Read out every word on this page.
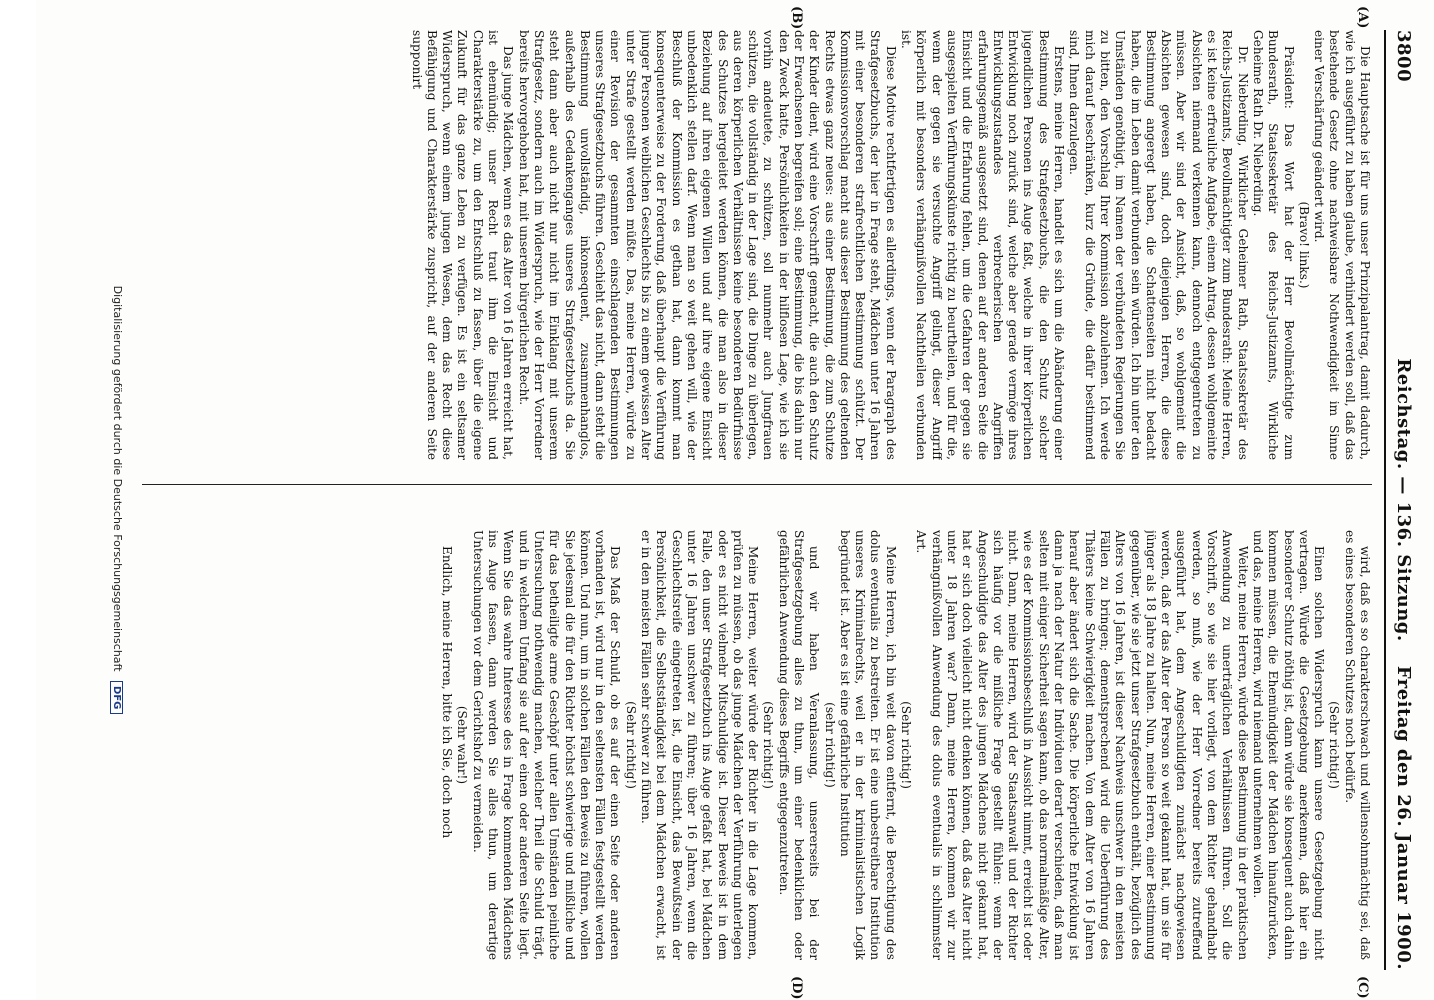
3800
Reichstag. — 136. Sitzung.
Freitag den 26. Januar 1900.
(A)
(B)
(C)
(D)

Die Hauptsache ist für uns unser Prinzipalantrag, damit dadurch, wie ich ausgeführt zu haben glaube, verhindert werden soll, daß das bestehende Gesetz ohne nachweisbare Nothwendigkeit im Sinne einer Verschärfung geändert wird.

(Bravo! links.)

Präsident: Das Wort hat der Herr Bevollmächtigte zum Bundesrath, Staatssekretär des Reichs-Justizamts, Wirkliche Geheime Rath Dr. Nieberding.

Dr. Nieberding, Wirklicher Geheimer Rath, Staatssekretär des Reichs-Justizamts, Bevollmächtigter zum Bundesrath: Meine Herren, es ist keine erfreuliche Aufgabe, einem Antrag, dessen wohlgemeinte Absichten niemand verkennen kann, dennoch entgegentreten zu müssen. Aber wir sind der Ansicht, daß, so wohlgemeint die Absichten gewesen sind, doch diejenigen Herren, die diese Bestimmung angeregt haben, die Schattenseiten nicht bedacht haben, die im Leben damit verbunden sein würden. Ich bin unter den Umständen genöthigt, im Namen der verbündeten Regierungen Sie zu bitten, den Vorschlag Ihrer Kommission abzulehnen. Ich werde mich darauf beschränken, kurz die Gründe, die dafür bestimmend sind, Ihnen darzulegen.

Erstens, meine Herren, handelt es sich um die Abänderung einer Bestimmung des Strafgesetzbuchs, die den Schutz solcher jugendlichen Personen ins Auge faßt, welche in ihrer körperlichen Entwicklung noch zurück sind, welche aber gerade vermöge ihres Entwicklungszustandes verbrecherischen Angriffen erfahrungsgemäß ausgesetzt sind, denen auf der anderen Seite die Einsicht und die Erfahrung fehlen, um die Gefahren der gegen sie ausgespielten Verführungskünste richtig zu beurtheilen, und für die, wenn der gegen sie versuchte Angriff gelingt, dieser Angriff körperlich mit besonders verhängnißvollen Nachtheilen verbunden ist.

Diese Motive rechtfertigen es allerdings, wenn der Paragraph des Strafgesetzbuchs, der hier in Frage steht, Mädchen unter 16 Jahren mit einer besonderen strafrechtlichen Bestimmung schützt. Der Kommissionsvorschlag macht aus dieser Bestimmung des geltenden Rechts etwas ganz neues: aus einer Bestimmung, die zum Schutze der Kinder dient, wird eine Vorschrift gemacht, die auch den Schutz der Erwachsenen begreifen soll; eine Bestimmung, die bis dahin nur den Zweck hatte, Persönlichkeiten in der hilflosen Lage, wie ich sie vorhin andeutete, zu schützen, soll nunmehr auch Jungfrauen schützen, die vollständig in der Lage sind, die Dinge zu überlegen, aus deren körperlichen Verhältnissen keine besonderen Bedürfnisse des Schutzes hergeleitet werden können, die man also in dieser Beziehung auf ihren eigenen Willen und auf ihre eigene Einsicht unbedenklich stellen darf. Wenn man so weit gehen will, wie der Beschluß der Kommission es gethan hat, dann kommt man konsequenterweise zu der Forderung, daß überhaupt die Verführung junger Personen weiblichen Geschlechts bis zu einem gewissen Alter unter Strafe gestellt werden müßte. Das, meine Herren, würde zu einer Revision der gesammten einschlagenden Bestimmungen unseres Strafgesetzbuchs führen. Geschieht das nicht, dann steht die Bestimmung unvollständig, inkonsequent, zusammenhanglos, außerhalb des Gedankenganges unseres Strafgesetzbuchs da. Sie steht dann aber auch nicht nur nicht im Einklang mit unserem Strafgesetz, sondern auch im Widerspruch, wie der Herr Vorredner bereits hervorgehoben hat, mit unserem bürgerlichen Recht.

Das junge Mädchen, wenn es das Alter von 16 Jahren erreicht hat, ist ehemündig; unser Recht traut ihm die Einsicht und Charakterstärke zu, um den Entschluß zu fassen, über die eigene Zukunft für das ganze Leben zu verfügen. Es ist ein seltsamer Widerspruch, wenn einem jungen Wesen, dem das Recht diese Befähigung und Charakterstärke zuspricht, auf der anderen Seite supponirt

wird, daß es so charakterschwach und willensohnmächtig sei, daß es eines besonderen Schutzes noch bedürfe.

(Sehr richtig!)

Einen solchen Widerspruch kann unsere Gesetzgebung nicht vertragen. Würde die Gesetzgebung anerkennen, daß hier ein besonderer Schutz nöthig ist, dann würde sie konsequent auch dahin kommen müssen, die Ehemündigkeit der Mädchen hinaufzurücken, und das, meine Herren, wird niemand unternehmen wollen.

Weiter, meine Herren, würde diese Bestimmung in der praktischen Anwendung zu unerträglichen Verhältnissen führen. Soll die Vorschrift, so wie sie hier vorliegt, von dem Richter gehandhabt werden, so muß, wie der Herr Vorredner bereits zutreffend ausgeführt hat, dem Angeschuldigten zunächst nachgewiesen werden, daß er das Alter der Person so weit gekannt hat, um sie für jünger als 18 Jahre zu halten. Nun, meine Herren, einer Bestimmung gegenüber, wie sie jetzt unser Strafgesetzbuch enthält, bezüglich des Alters von 16 Jahren, ist dieser Nachweis unschwer in den meisten Fällen zu bringen; dementsprechend wird die Ueberführung des Thäters keine Schwierigkeit machen. Von dem Alter von 16 Jahren herauf aber ändert sich die Sache. Die körperliche Entwicklung ist dann ja nach der Natur der Individuen derart verschieden, daß man selten mit einiger Sicherheit sagen kann, ob das normalmäßige Alter, wie es der Kommissionsbeschluß in Aussicht nimmt, erreicht ist oder nicht. Dann, meine Herren, wird der Staatsanwalt und der Richter sich häufig vor die mißliche Frage gestellt fühlen: wenn der Angeschuldigte das Alter des jungen Mädchens nicht gekannt hat, hat er sich doch vielleicht nicht denken können, daß das Alter nicht unter 18 Jahren war? Dann, meine Herren, kommen wir zur verhängnißvollen Anwendung des dolus eventualis in schlimmster Art.

(Sehr richtig!)

Meine Herren, ich bin weit davon entfernt, die Berechtigung des dolus eventualis zu bestreiten. Er ist eine unbestreitbare Institution unseres Kriminalrechts, weil er in der kriminalistischen Logik begründet ist. Aber es ist eine gefährliche Institution

(sehr richtig!)

und wir haben Veranlassung, unsererseits bei der Strafgesetzgebung alles zu thun, um einer bedenklichen oder gefährlichen Anwendung dieses Begriffs entgegenzutreten.

(Sehr richtig!)

Meine Herren, weiter würde der Richter in die Lage kommen, prüfen zu müssen, ob das junge Mädchen der Verführung unterlegen oder es nicht vielmehr Mitschuldige ist. Dieser Beweis ist in dem Falle, den unser Strafgesetzbuch ins Auge gefaßt hat, bei Mädchen unter 16 Jahren unschwer zu führen; über 16 Jahren, wenn die Geschlechtsreife eingetreten ist, die Einsicht, das Bewußtsein der Persönlichkeit, die Selbstständigkeit bei dem Mädchen erwacht, ist er in den meisten Fällen sehr schwer zu führen.

(Sehr richtig!)

Das Maß der Schuld, ob es auf der einen Seite oder anderen vorhanden ist, wird nur in den seltensten Fällen festgestellt werden können. Und nun, um in solchen Fällen den Beweis zu führen, wollen Sie jedesmal die für den Richter höchst schwierige und mißliche und für das betheiligte arme Geschöpf unter allen Umständen peinliche Untersuchung nothwendig machen, welcher Theil die Schuld trägt, und in welchem Umfang sie auf der einen oder anderen Seite liegt. Wenn Sie das wahre Interesse des in Frage kommenden Mädchens ins Auge fassen, dann werden Sie alles thun, um derartige Untersuchungen vor dem Gerichtshof zu vermeiden.

(Sehr wahr!)

Endlich, meine Herren, bitte ich Sie, doch noch

Digitalisierung gefördert durch die Deutsche Forschungsgemeinschaft DFG
